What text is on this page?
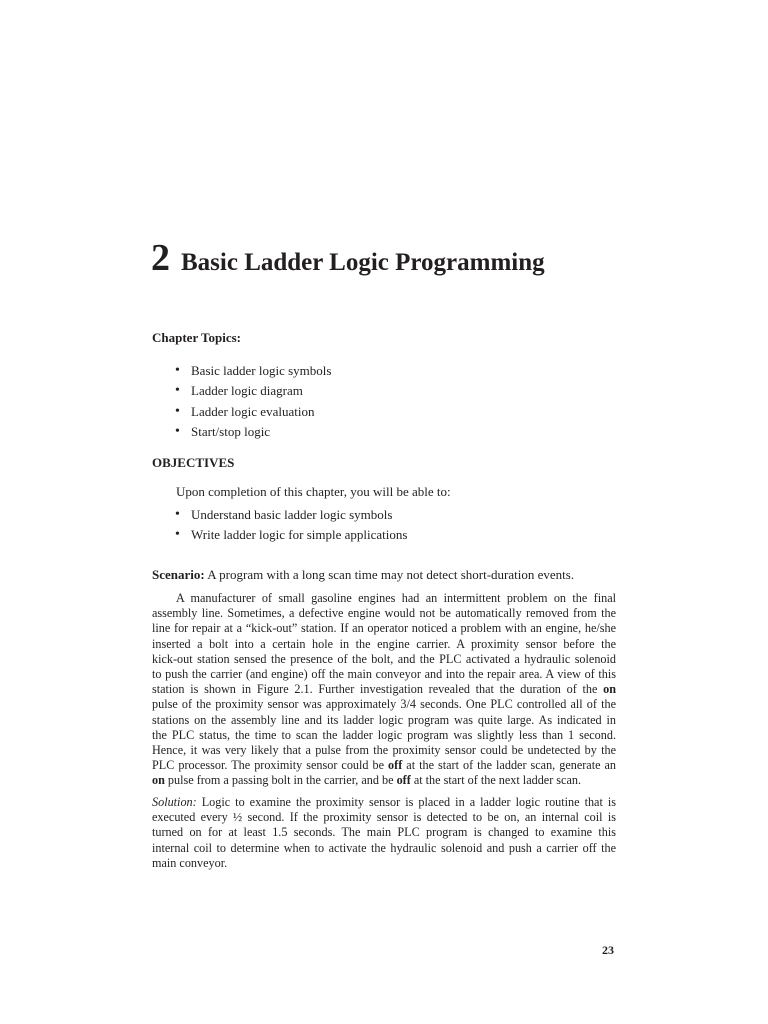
2 Basic Ladder Logic Programming

Chapter Topics:

• Basic ladder logic symbols
• Ladder logic diagram
• Ladder logic evaluation
• Start/stop logic

OBJECTIVES

Upon completion of this chapter, you will be able to:

• Understand basic ladder logic symbols
• Write ladder logic for simple applications

Scenario: A program with a long scan time may not detect short-duration events.

A manufacturer of small gasoline engines had an intermittent problem on the final
assembly line. Sometimes, a defective engine would not be automatically removed from the
line for repair at a “kick-out” station. If an operator noticed a problem with an engine, he/she
inserted a bolt into a certain hole in the engine carrier. A proximity sensor before the
kick-out station sensed the presence of the bolt, and the PLC activated a hydraulic solenoid
to push the carrier (and engine) off the main conveyor and into the repair area. A view of this
station is shown in Figure 2.1. Further investigation revealed that the duration of the on
pulse of the proximity sensor was approximately 3/4 seconds. One PLC controlled all of the
stations on the assembly line and its ladder logic program was quite large. As indicated in
the PLC status, the time to scan the ladder logic program was slightly less than 1 second.
Hence, it was very likely that a pulse from the proximity sensor could be undetected by the
PLC processor. The proximity sensor could be off at the start of the ladder scan, generate an
on pulse from a passing bolt in the carrier, and be off at the start of the next ladder scan.
Solution: Logic to examine the proximity sensor is placed in a ladder logic routine that is
executed every ½ second. If the proximity sensor is detected to be on, an internal coil is
turned on for at least 1.5 seconds. The main PLC program is changed to examine this
internal coil to determine when to activate the hydraulic solenoid and push a carrier off the
main conveyor.

23
